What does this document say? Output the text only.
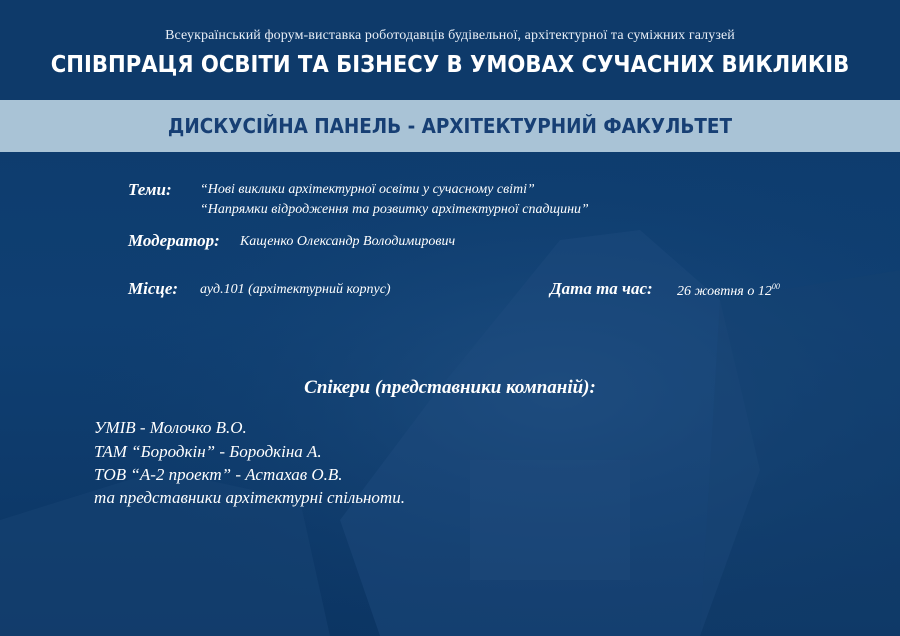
Всеукраїнський форум-виставка роботодавців будівельної, архітектурної та суміжних галузей
СПІВПРАЦЯ ОСВІТИ ТА БІЗНЕСУ В УМОВАХ СУЧАСНИХ ВИКЛИКІВ
ДИСКУСІЙНА ПАНЕЛЬ - АРХІТЕКТУРНИЙ ФАКУЛЬТЕТ
Теми: “Нові виклики архітектурної освіти у сучасному світі”
“Напрямки відродження та розвитку архітектурної спадщини”
Модератор: Кащенко Олександр Володимирович
Місце: ауд.101 (архітектурний корпус)	Дата та час: 26 жовтня о $12^{00}$
Спікери (представники компаній):
УМІВ - Молочко В.О.
ТАМ “Бородкін” - Бородкіна А.
ТОВ “А-2 проект” - Астахав О.В.
та представники архітектурні спільноти.
